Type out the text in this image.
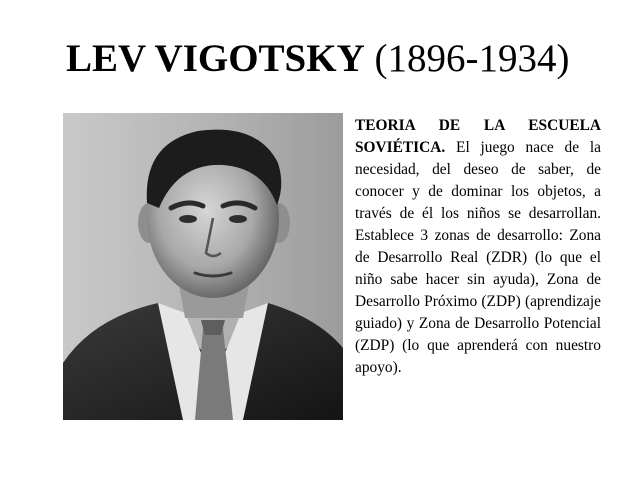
LEV VIGOTSKY (1896-1934)
TEORIA DE LA ESCUELA SOVIÉTICA. El juego nace de la necesidad, del deseo de saber, de conocer y de dominar los objetos, a través de él los niños se desarrollan. Establece 3 zonas de desarrollo: Zona de Desarrollo Real (ZDR) (lo que el niño sabe hacer sin ayuda), Zona de Desarrollo Próximo (ZDP) (aprendizaje guiado) y Zona de Desarrollo Potencial (ZDP) (lo que aprenderá con nuestro apoyo).
